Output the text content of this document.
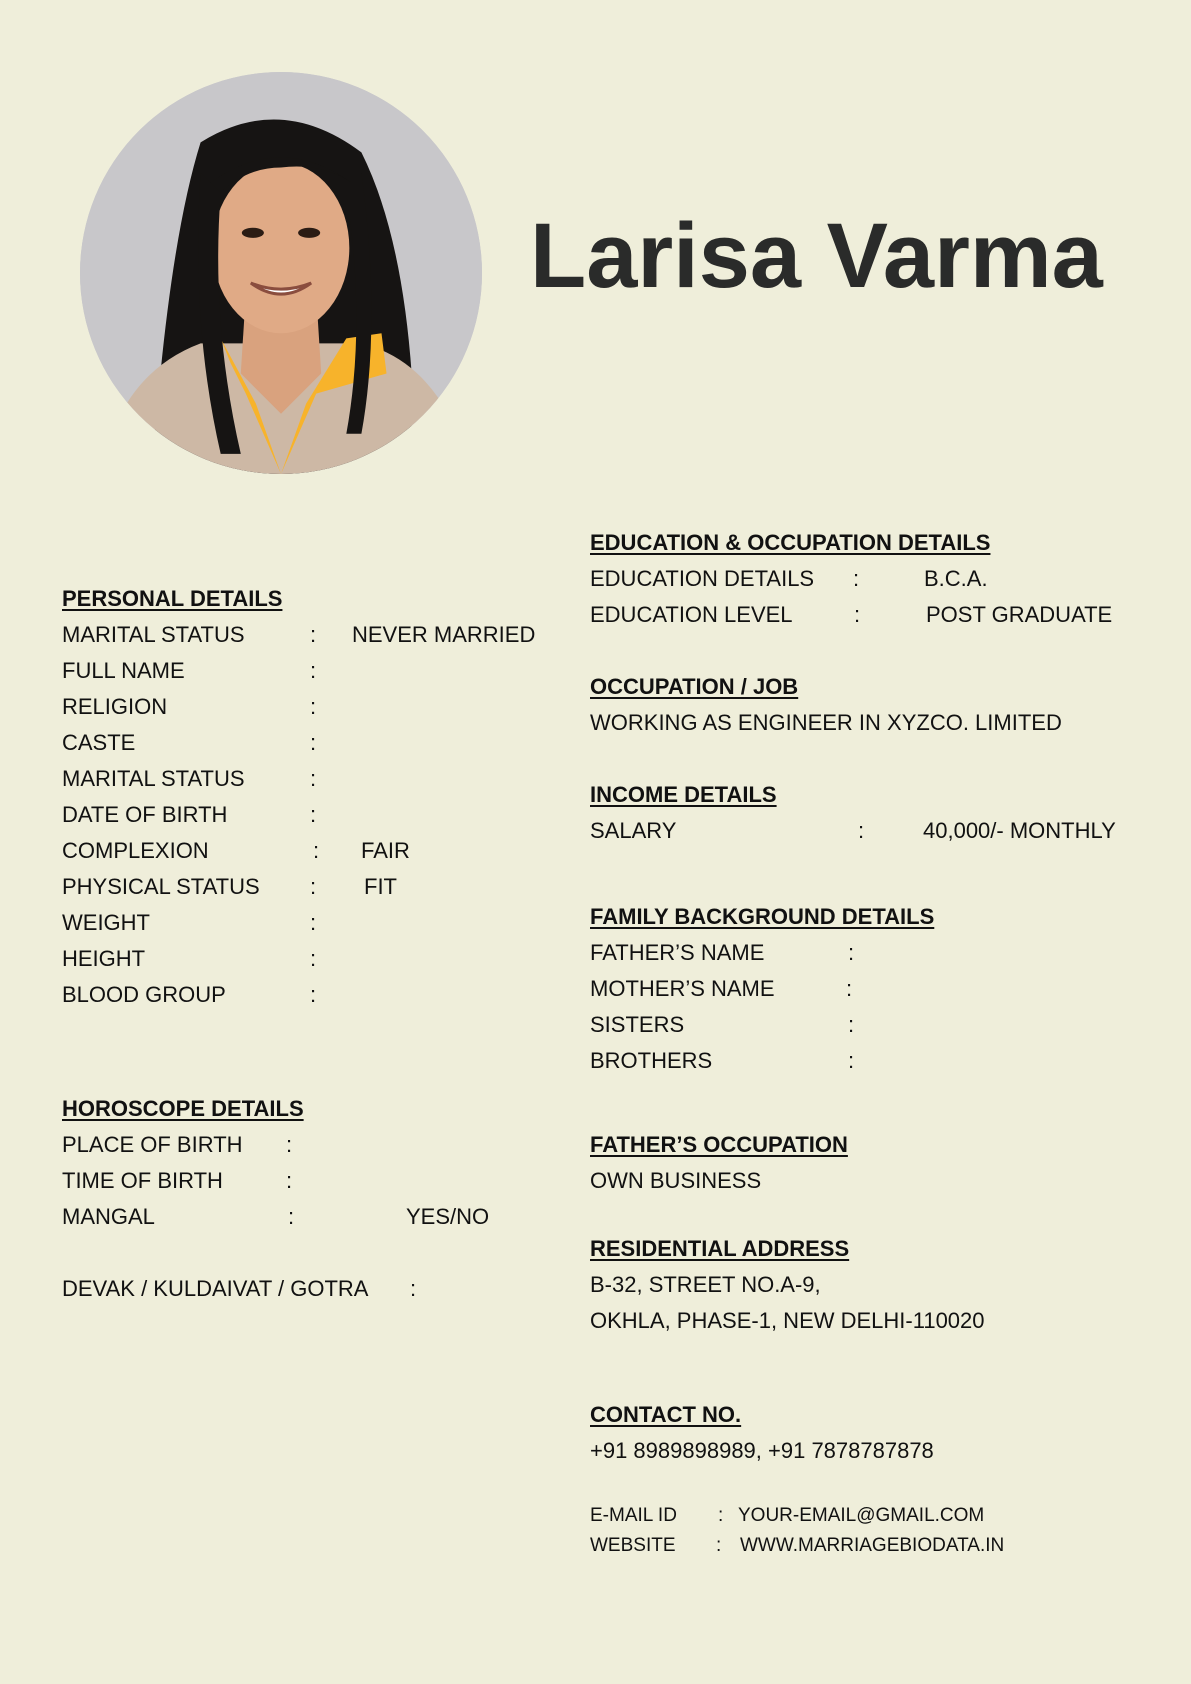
Larisa Varma
PERSONAL DETAILS
MARITAL STATUS	: NEVER MARRIED
FULL NAME	:
RELIGION	:
CASTE	:
MARITAL STATUS	:
DATE OF BIRTH	:
COMPLEXION	: FAIR
PHYSICAL STATUS : FIT
WEIGHT	:
HEIGHT	:
BLOOD GROUP	:
HOROSCOPE DETAILS
PLACE OF BIRTH :
TIME OF BIRTH	:
MANGAL	:	YES/NO
DEVAK / KULDAIVAT / GOTRA :
EDUCATION & OCCUPATION DETAILS
EDUCATION DETAILS :	B.C.A.
EDUCATION LEVEL	:	POST GRADUATE
OCCUPATION / JOB
WORKING AS ENGINEER IN XYZCO. LIMITED
INCOME DETAILS
SALARY	:	40,000/- MONTHLY
FAMILY BACKGROUND DETAILS
FATHER’S NAME	:
MOTHER’S NAME	:
SISTERS	:
BROTHERS	:
FATHER’S OCCUPATION
OWN BUSINESS
RESIDENTIAL ADDRESS
B-32, STREET NO.A-9,
OKHLA, PHASE-1, NEW DELHI-110020
CONTACT NO.
+91 8989898989, +91 7878787878
E-MAIL ID : YOUR-EMAIL@GMAIL.COM
WEBSITE : WWW.MARRIAGEBIODATA.IN
